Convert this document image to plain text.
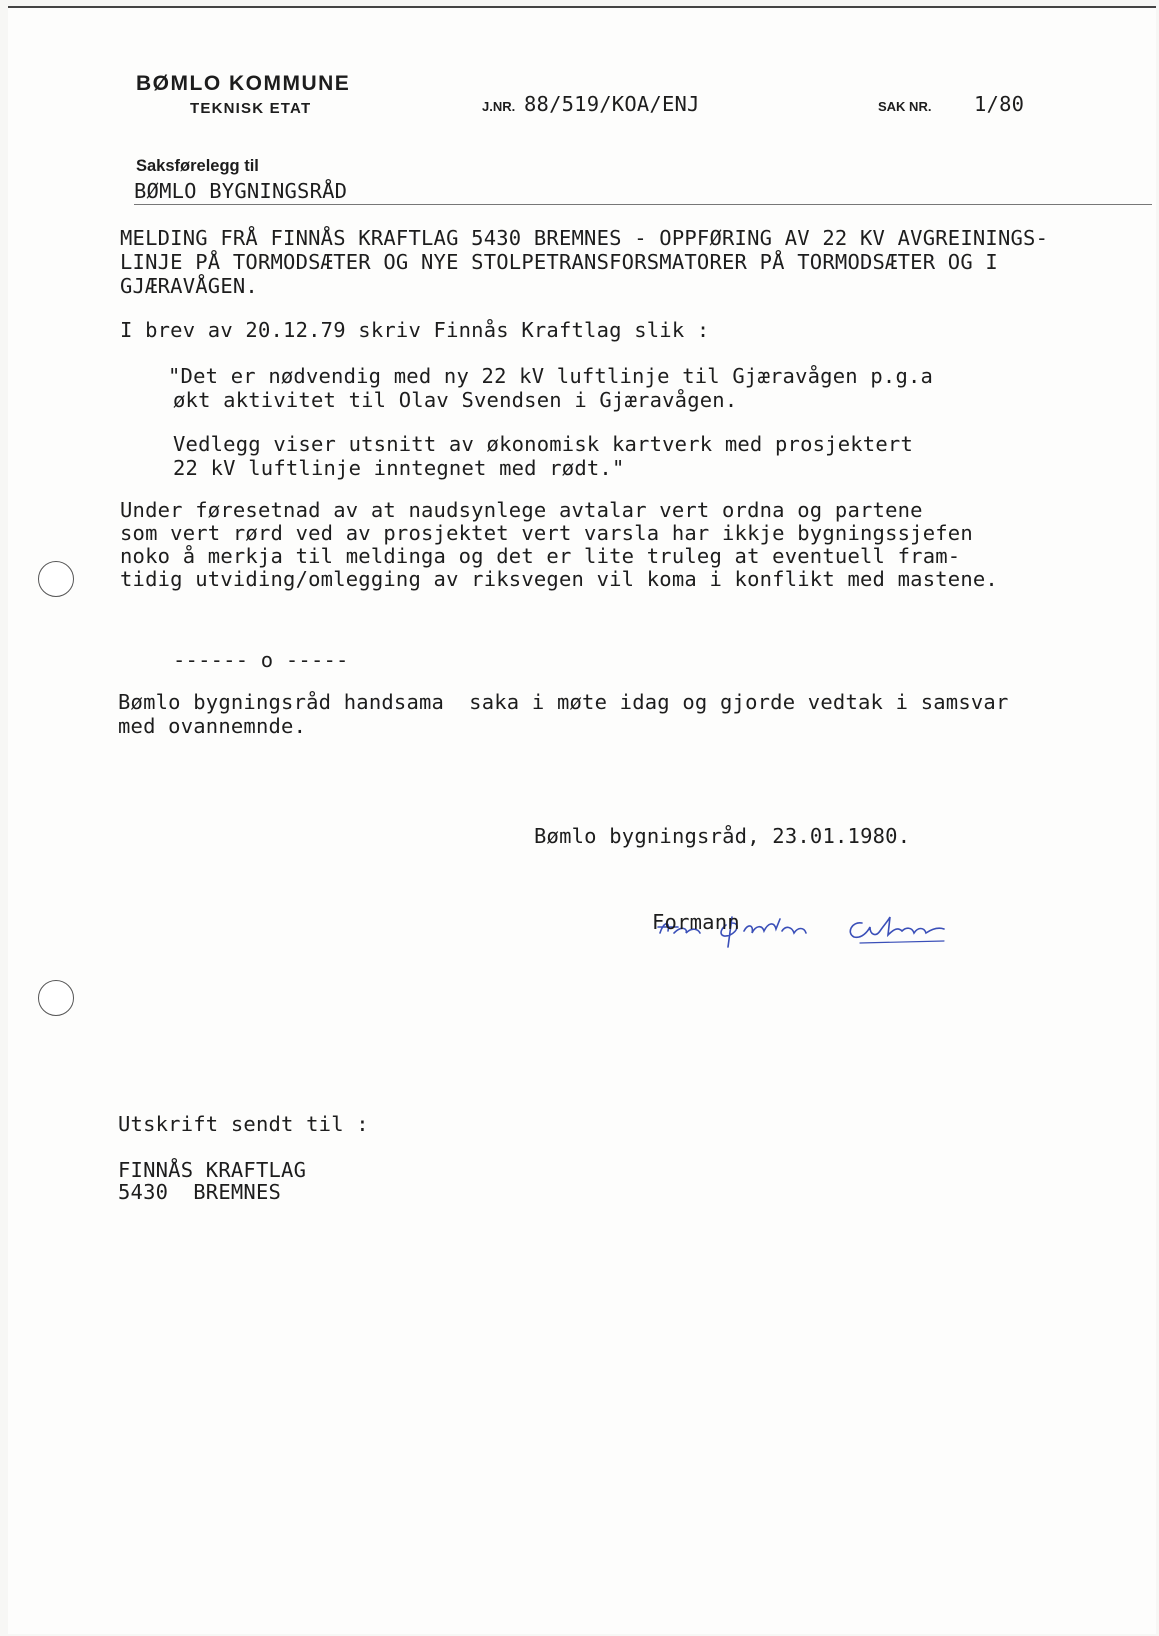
BØMLO KOMMUNE
TEKNISK ETAT	J.NR. 88/519/KOA/ENJ	SAK NR. 1/80
Saksførelegg til
BØMLO BYGNINGSRÅD
MELDING FRÅ FINNÅS KRAFTLAG 5430 BREMNES - OPPFØRING AV 22 KV AVGREININGS-
LINJE PÅ TORMODSÆTER OG NYE STOLPETRANSFORSMATORER PÅ TORMODSÆTER OG I
GJÆRAVÅGEN.
I brev av 20.12.79 skriv Finnås Kraftlag slik :
"Det er nødvendig med ny 22 kV luftlinje til Gjæravågen p.g.a
økt aktivitet til Olav Svendsen i Gjæravågen.
Vedlegg viser utsnitt av økonomisk kartverk med prosjektert
22 kV luftlinje inntegnet med rødt."
Under føresetnad av at naudsynlege avtalar vert ordna og partene
som vert rørd ved av prosjektet vert varsla har ikkje bygningssjefen
noko å merkja til meldinga og det er lite truleg at eventuell fram-
tidig utviding/omlegging av riksvegen vil koma i konflikt med mastene.
------ o -----
Bømlo bygningsråd handsama  saka i møte idag og gjorde vedtak i samsvar
med ovannemnde.
Bømlo bygningsråd, 23.01.1980.
Formann
Utskrift sendt til :
FINNÅS KRAFTLAG
5430  BREMNES
